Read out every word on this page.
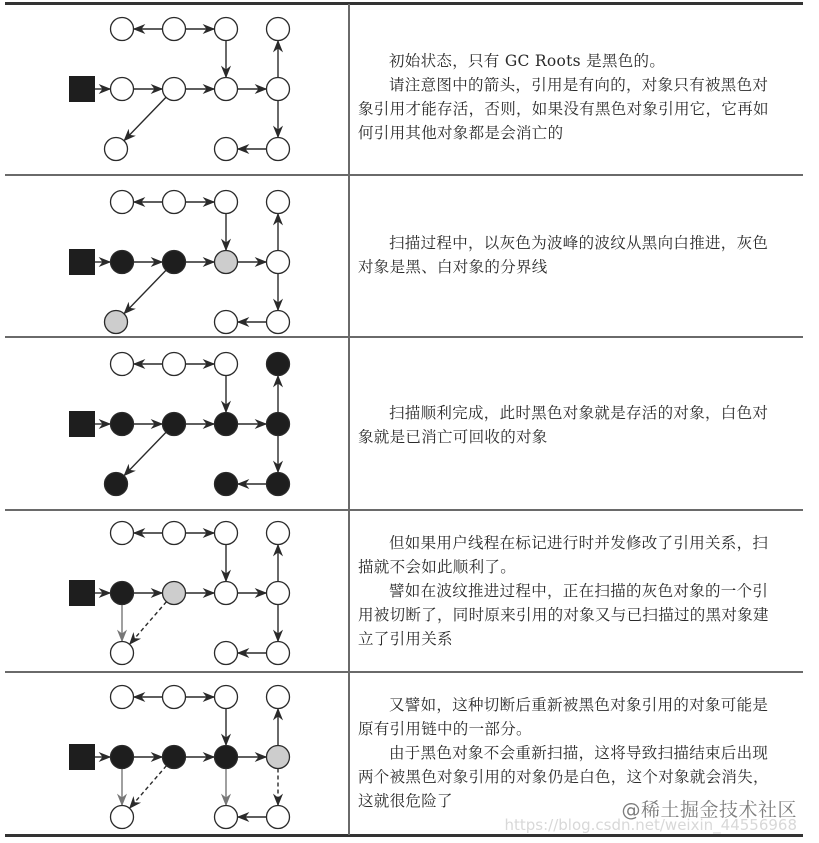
初始状态，只有 GC Roots 是黑色的。

请注意图中的箭头，引用是有向的，对象只有被黑色对象引用才能存活，否则，如果没有黑色对象引用它，它再如何引用其他对象都是会消亡的

扫描过程中，以灰色为波峰的波纹从黑向白推进，灰色对象是黑、白对象的分界线

扫描顺利完成，此时黑色对象就是存活的对象，白色对象就是已消亡可回收的对象

但如果用户线程在标记进行时并发修改了引用关系，扫描就不会如此顺利了。

譬如在波纹推进过程中，正在扫描的灰色对象的一个引用被切断了，同时原来引用的对象又与已扫描过的黑对象建立了引用关系

又譬如，这种切断后重新被黑色对象引用的对象可能是原有引用链中的一部分。

由于黑色对象不会重新扫描，这将导致扫描结束后出现两个被黑色对象引用的对象仍是白色，这个对象就会消失，这就很危险了	@稀土掘金技术社区
https://blog.csdn.net/weixin_44556968
